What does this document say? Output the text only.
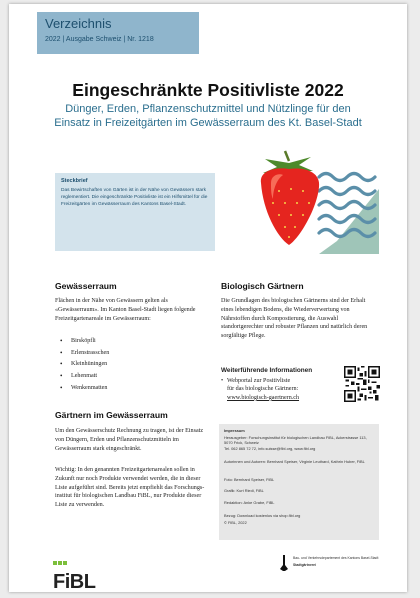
Verzeichnis
2022 | Ausgabe Schweiz | Nr. 1218
Eingeschränkte Positivliste 2022
Dünger, Erden, Pflanzenschutzmittel und Nützlinge für den
Einsatz in Freizeitgärten im Gewässerraum des Kt. Basel-Stadt
Steckbrief
Das Bewirtschaften von Gärten ist in der Nähe von Gewässern stark reglementiert. Die eingeschränkte Positivliste ist ein Hilfsmittel für die Freizeitgärten im Gewässerraum des Kantons Basel-Stadt.
Gewässerraum
Flächen in der Nähe von Gewässern gelten als «Gewässerraum». Im Kanton Basel-Stadt liegen folgende Freizeitgartenareale im Gewässerraum:
• Birsköpfli
• Erlenstrasschen
• Kleinhüningen
• Lehenmatt
• Wenkenmatten
Gärtnern im Gewässerraum
Um den Gewässerschutz Rechnung zu tragen, ist der Einsatz von Düngern, Erden und Pflanzenschutzmitteln im Gewässerraum stark eingeschränkt.
Wichtig: In den genannten Freizeitgartenarealen sollen in Zukunft nur noch Produkte verwendet werden, die in dieser Liste aufgeführt sind. Bereits jetzt empfiehlt das Forschungsinstitut für biologischen Landbau FiBL, nur Produkte dieser Liste zu verwenden.
Biologisch Gärtnern
Die Grundlagen des biologischen Gärtnerns sind der Erhalt eines lebendigen Bodens, die Wiederverwertung von Nährstoffen durch Kompostierung, die Auswahl standortgerechter und robuster Pflanzen und natürlich deren sorgfältige Pflege.
Weiterführende Informationen
• Webportal zur Positivliste
für das biologische Gärtnern:
www.biologisch-gaertnern.ch
Impressum
Herausgeber: Forschungsinstitut für biologischen Landbau FiBL, Ackerstrasse 113, 5070 Frick, Schweiz
Tel. 062 865 72 72, info.suisse@fibl.org, www.fibl.org
Autorinnen und Autoren: Bernhard Speiser, Virginie Leuthard, Kathrin Huber, FiBL
Foto: Bernhard Speiser, FiBL
Grafik: Kurt Riedi, FiBL
Redaktion: Anke Grabe, FiBL
Bezug: Download kostenlos via shop.fibl.org
© FiBL, 2022

FiBL
Bau- und Verkehrsdepartement des Kantons Basel-Stadt
Stadtgärtnerei
